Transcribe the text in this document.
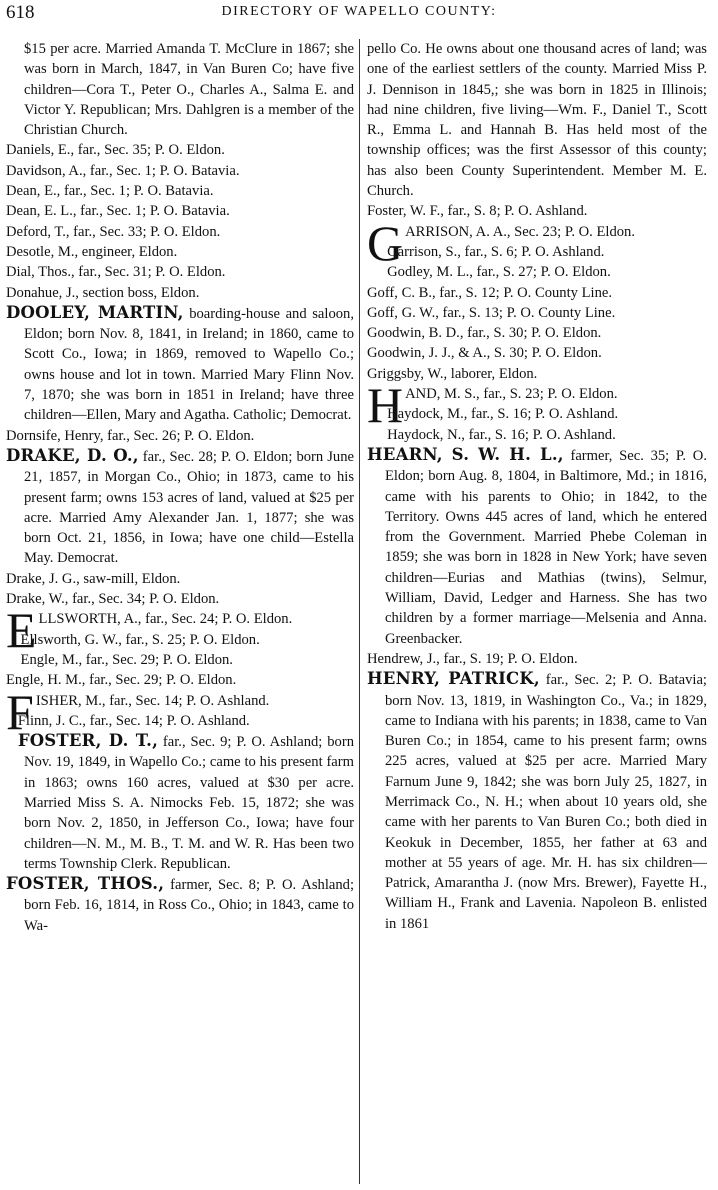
618	DIRECTORY OF WAPELLO COUNTY:

$15 per acre. Married Amanda T. McClure in 1867; she was born in March, 1847, in Van Buren Co; have five children—Cora T., Peter O., Charles A., Salma E. and Victor Y. Republican; Mrs. Dahlgren is a member of the Christian Church.

Daniels, E., far., Sec. 35; P. O. Eldon.

Davidson, A., far., Sec. 1; P. O. Batavia.

Dean, E., far., Sec. 1; P. O. Batavia.

Dean, E. L., far., Sec. 1; P. O. Batavia.

Deford, T., far., Sec. 33; P. O. Eldon.

Desotle, M., engineer, Eldon.

Dial, Thos., far., Sec. 31; P. O. Eldon.

Donahue, J., section boss, Eldon.

DOOLEY, MARTIN, boarding-house and saloon, Eldon; born Nov. 8, 1841, in Ireland; in 1860, came to Scott Co., Iowa; in 1869, removed to Wapello Co.; owns house and lot in town. Married Mary Flinn Nov. 7, 1870; she was born in 1851 in Ireland; have three children—Ellen, Mary and Agatha. Catholic; Democrat.

Dornsife, Henry, far., Sec. 26; P. O. Eldon.

DRAKE, D. O., far., Sec. 28; P. O. Eldon; born June 21, 1857, in Morgan Co., Ohio; in 1873, came to his present farm; owns 153 acres of land, valued at $25 per acre. Married Amy Alexander Jan. 1, 1877; she was born Oct. 21, 1856, in Iowa; have one child—Estella May. Democrat.

Drake, J. G., saw-mill, Eldon.

Drake, W., far., Sec. 34; P. O. Eldon.

ELLSWORTH, A., far., Sec. 24; P. O. Eldon.

Ellsworth, G. W., far., S. 25; P. O. Eldon.

Engle, M., far., Sec. 29; P. O. Eldon.

Engle, H. M., far., Sec. 29; P. O. Eldon.

FISHER, M., far., Sec. 14; P. O. Ashland.

Flinn, J. C., far., Sec. 14; P. O. Ashland.

FOSTER, D. T., far., Sec. 9; P. O. Ashland; born Nov. 19, 1849, in Wapello Co.; came to his present farm in 1863; owns 160 acres, valued at $30 per acre. Married Miss S. A. Nimocks Feb. 15, 1872; she was born Nov. 2, 1850, in Jefferson Co., Iowa; have four children—N. M., M. B., T. M. and W. R. Has been two terms Township Clerk. Republican.

FOSTER, THOS., farmer, Sec. 8; P. O. Ashland; born Feb. 16, 1814, in Ross Co., Ohio; in 1843, came to Wa-

pello Co. He owns about one thousand acres of land; was one of the earliest settlers of the county. Married Miss P. J. Dennison in 1845,; she was born in 1825 in Illinois; had nine children, five living—Wm. F., Daniel T., Scott R., Emma L. and Hannah B. Has held most of the township offices; was the first Assessor of this county; has also been County Superintendent. Member M. E. Church.

Foster, W. F., far., S. 8; P. O. Ashland.

GARRISON, A. A., Sec. 23; P. O. Eldon.

Garrison, S., far., S. 6; P. O. Ashland.

Godley, M. L., far., S. 27; P. O. Eldon.

Goff, C. B., far., S. 12; P. O. County Line.

Goff, G. W., far., S. 13; P. O. County Line.

Goodwin, B. D., far., S. 30; P. O. Eldon.

Goodwin, J. J., & A., S. 30; P. O. Eldon.

Griggsby, W., laborer, Eldon.

HAND, M. S., far., S. 23; P. O. Eldon.

Haydock, M., far., S. 16; P. O. Ashland.

Haydock, N., far., S. 16; P. O. Ashland.

HEARN, S. W. H. L., farmer, Sec. 35; P. O. Eldon; born Aug. 8, 1804, in Baltimore, Md.; in 1816, came with his parents to Ohio; in 1842, to the Territory. Owns 445 acres of land, which he entered from the Government. Married Phebe Coleman in 1859; she was born in 1828 in New York; have seven children—Eurias and Mathias (twins), Selmur, William, David, Ledger and Harness. She has two children by a former marriage—Melsenia and Anna. Greenbacker.

Hendrew, J., far., S. 19; P. O. Eldon.

HENRY, PATRICK, far., Sec. 2; P. O. Batavia; born Nov. 13, 1819, in Washington Co., Va.; in 1829, came to Indiana with his parents; in 1838, came to Van Buren Co.; in 1854, came to his present farm; owns 225 acres, valued at $25 per acre. Married Mary Farnum June 9, 1842; she was born July 25, 1827, in Merrimack Co., N. H.; when about 10 years old, she came with her parents to Van Buren Co.; both died in Keokuk in December, 1855, her father at 63 and mother at 55 years of age. Mr. H. has six children—Patrick, Amarantha J. (now Mrs. Brewer), Fayette H., William H., Frank and Lavenia. Napoleon B. enlisted in 1861
